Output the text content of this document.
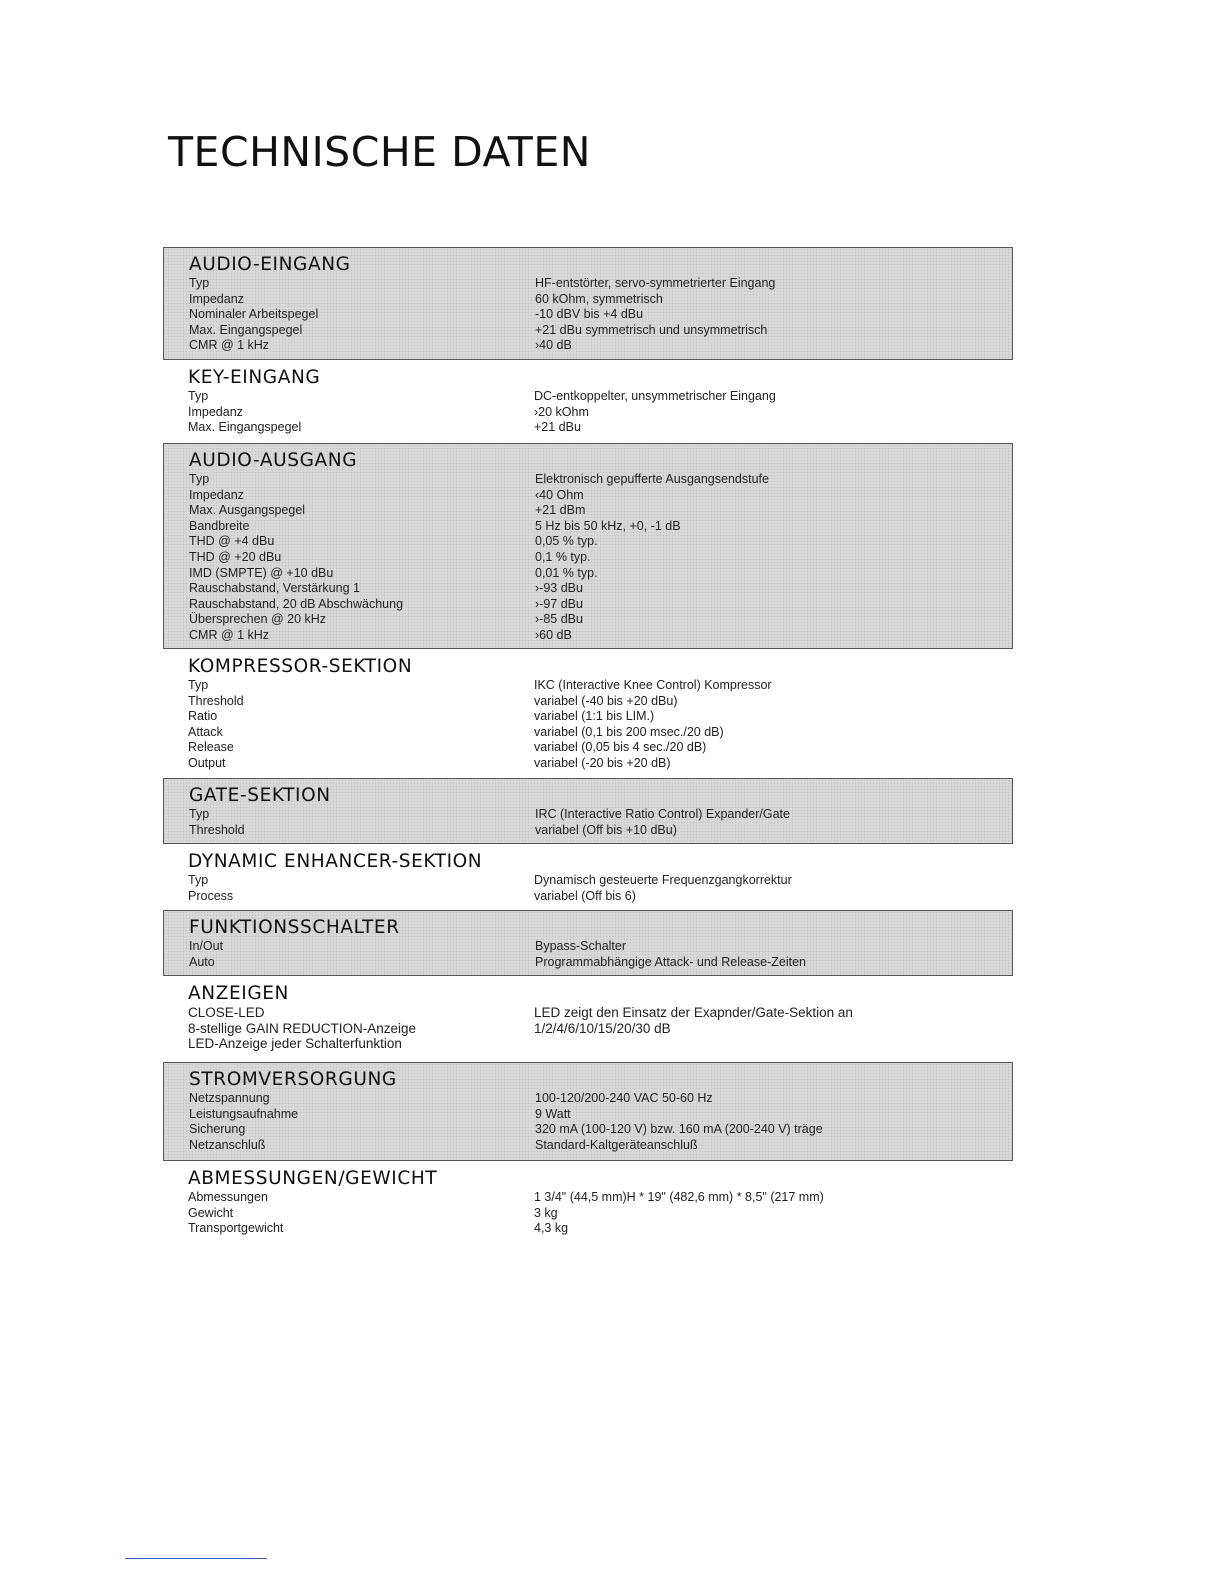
TECHNISCHE DATEN
AUDIO-EINGANG
Typ	HF-entstörter, servo-symmetrierter Eingang
Impedanz	60 kOhm, symmetrisch
Nominaler Arbeitspegel	-10 dBV bis +4 dBu
Max. Eingangspegel	+21 dBu symmetrisch und unsymmetrisch
CMR @ 1 kHz	›40 dB
KEY-EINGANG
Typ	DC-entkoppelter, unsymmetrischer Eingang
Impedanz	›20 kOhm
Max. Eingangspegel	+21 dBu
AUDIO-AUSGANG
Typ	Elektronisch gepufferte Ausgangsendstufe
Impedanz	‹40 Ohm
Max. Ausgangspegel	+21 dBm
Bandbreite	5 Hz bis 50 kHz, +0, -1 dB
THD @ +4 dBu	0,05 % typ.
THD @ +20 dBu	0,1 % typ.
IMD (SMPTE) @ +10 dBu	0,01 % typ.
Rauschabstand, Verstärkung 1	›-93 dBu
Rauschabstand, 20 dB Abschwächung	›-97 dBu
Übersprechen @ 20 kHz	›-85 dBu
CMR @ 1 kHz	›60 dB
KOMPRESSOR-SEKTION
Typ	IKC (Interactive Knee Control) Kompressor
Threshold	variabel (-40 bis +20 dBu)
Ratio	variabel (1:1 bis LIM.)
Attack	variabel (0,1 bis 200 msec./20 dB)
Release	variabel (0,05 bis 4 sec./20 dB)
Output	variabel (-20 bis +20 dB)
GATE-SEKTION
Typ	IRC (Interactive Ratio Control) Expander/Gate
Threshold	variabel (Off bis +10 dBu)
DYNAMIC ENHANCER-SEKTION
Typ	Dynamisch gesteuerte Frequenzgangkorrektur
Process	variabel (Off bis 6)
FUNKTIONSSCHALTER
In/Out	Bypass-Schalter
Auto	Programmabhängige Attack- und Release-Zeiten
ANZEIGEN
CLOSE-LED	LED zeigt den Einsatz der Exapnder/Gate-Sektion an
8-stellige GAIN REDUCTION-Anzeige	1/2/4/6/10/15/20/30 dB
LED-Anzeige jeder Schalterfunktion
STROMVERSORGUNG
Netzspannung	100-120/200-240 VAC 50-60 Hz
Leistungsaufnahme	9 Watt
Sicherung	320 mA (100-120 V) bzw. 160 mA (200-240 V) träge
Netzanschluß	Standard-Kaltgeräteanschluß
ABMESSUNGEN/GEWICHT
Abmessungen	1 3/4" (44,5 mm)H * 19" (482,6 mm) * 8,5" (217 mm)
Gewicht	3 kg
Transportgewicht	4,3 kg
